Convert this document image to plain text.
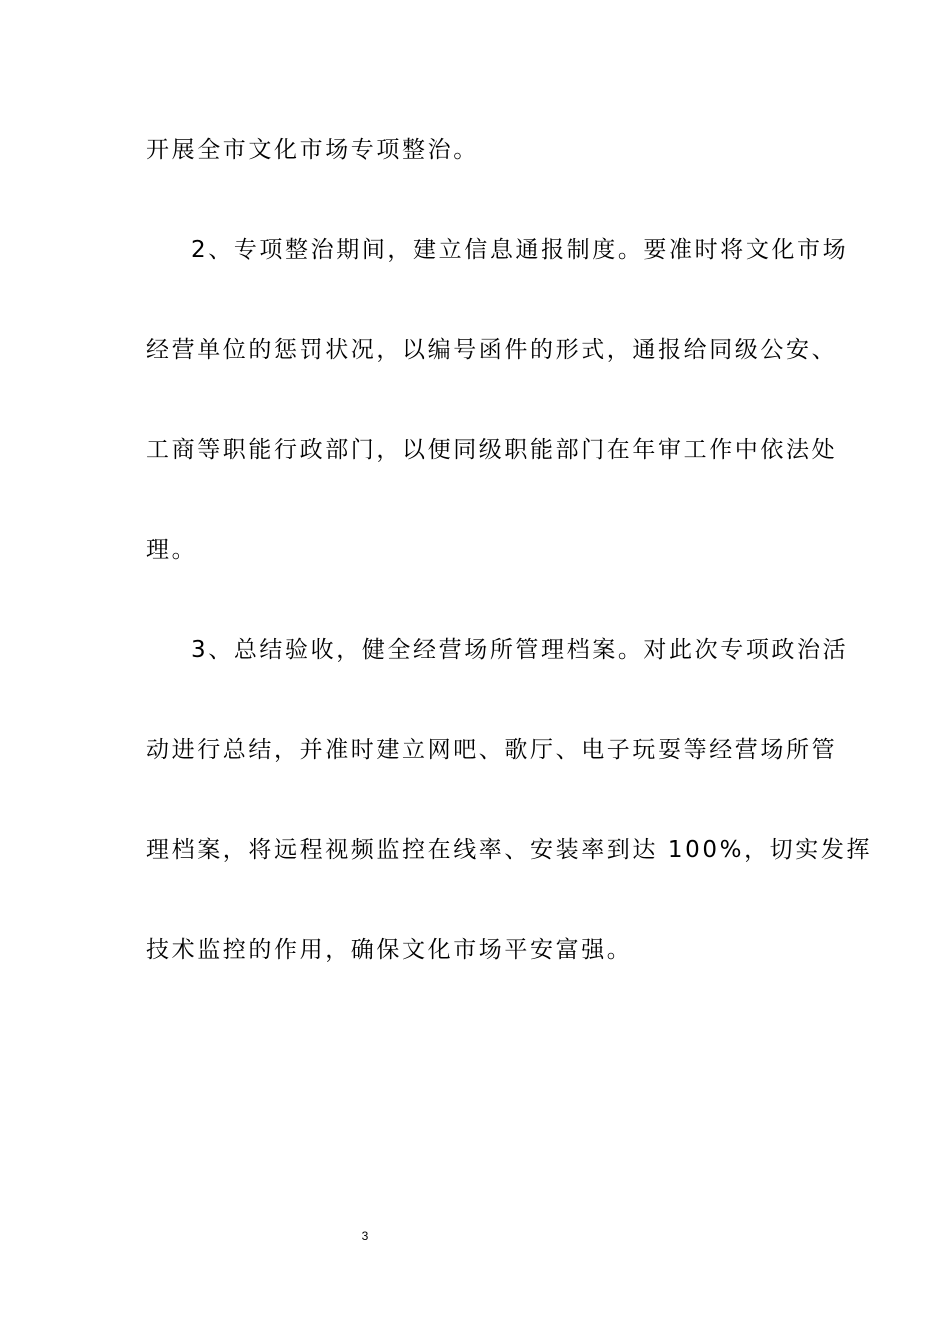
开展全市文化市场专项整治。
2、专项整治期间，建立信息通报制度。要准时将文化市场
经营单位的惩罚状况，以编号函件的形式，通报给同级公安、
工商等职能行政部门，以便同级职能部门在年审工作中依法处
理。
3、总结验收，健全经营场所管理档案。对此次专项政治活
动进行总结，并准时建立网吧、歌厅、电子玩耍等经营场所管
理档案，将远程视频监控在线率、安装率到达 100%，切实发挥
技术监控的作用，确保文化市场平安富强。
3
